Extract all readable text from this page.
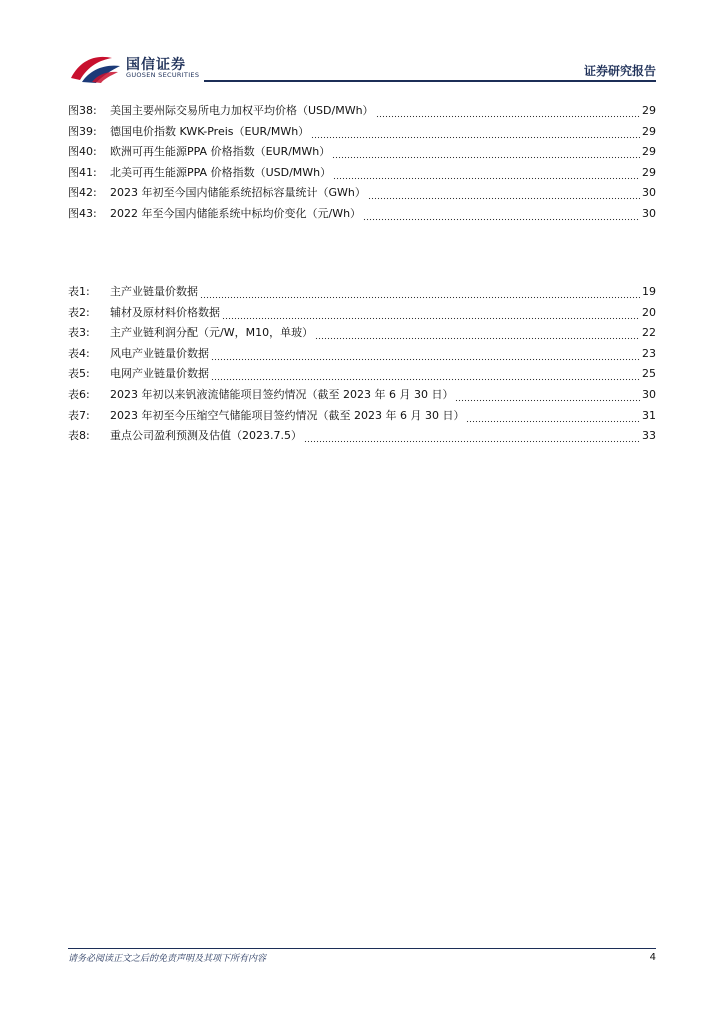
国信证券
GUOSEN SECURITIES	证券研究报告
图38:	美国主要州际交易所电力加权平均价格（USD/MWh）	29
图39:	德国电价指数 KWK-Preis（EUR/MWh）	29
图40:	欧洲可再生能源PPA 价格指数（EUR/MWh）	29
图41:	北美可再生能源PPA 价格指数（USD/MWh）	29
图42:	2023 年初至今国内储能系统招标容量统计（GWh）	30
图43:	2022 年至今国内储能系统中标均价变化（元/Wh）	30
表1:	主产业链量价数据	19
表2:	辅材及原材料价格数据	20
表3:	主产业链利润分配（元/W，M10，单玻）	22
表4:	风电产业链量价数据	23
表5:	电网产业链量价数据	25
表6:	2023 年初以来钒液流储能项目签约情况（截至 2023 年 6 月 30 日）	30
表7:	2023 年初至今压缩空气储能项目签约情况（截至 2023 年 6 月 30 日）	31
表8:	重点公司盈利预测及估值（2023.7.5）	33
请务必阅读正文之后的免责声明及其项下所有内容	4
